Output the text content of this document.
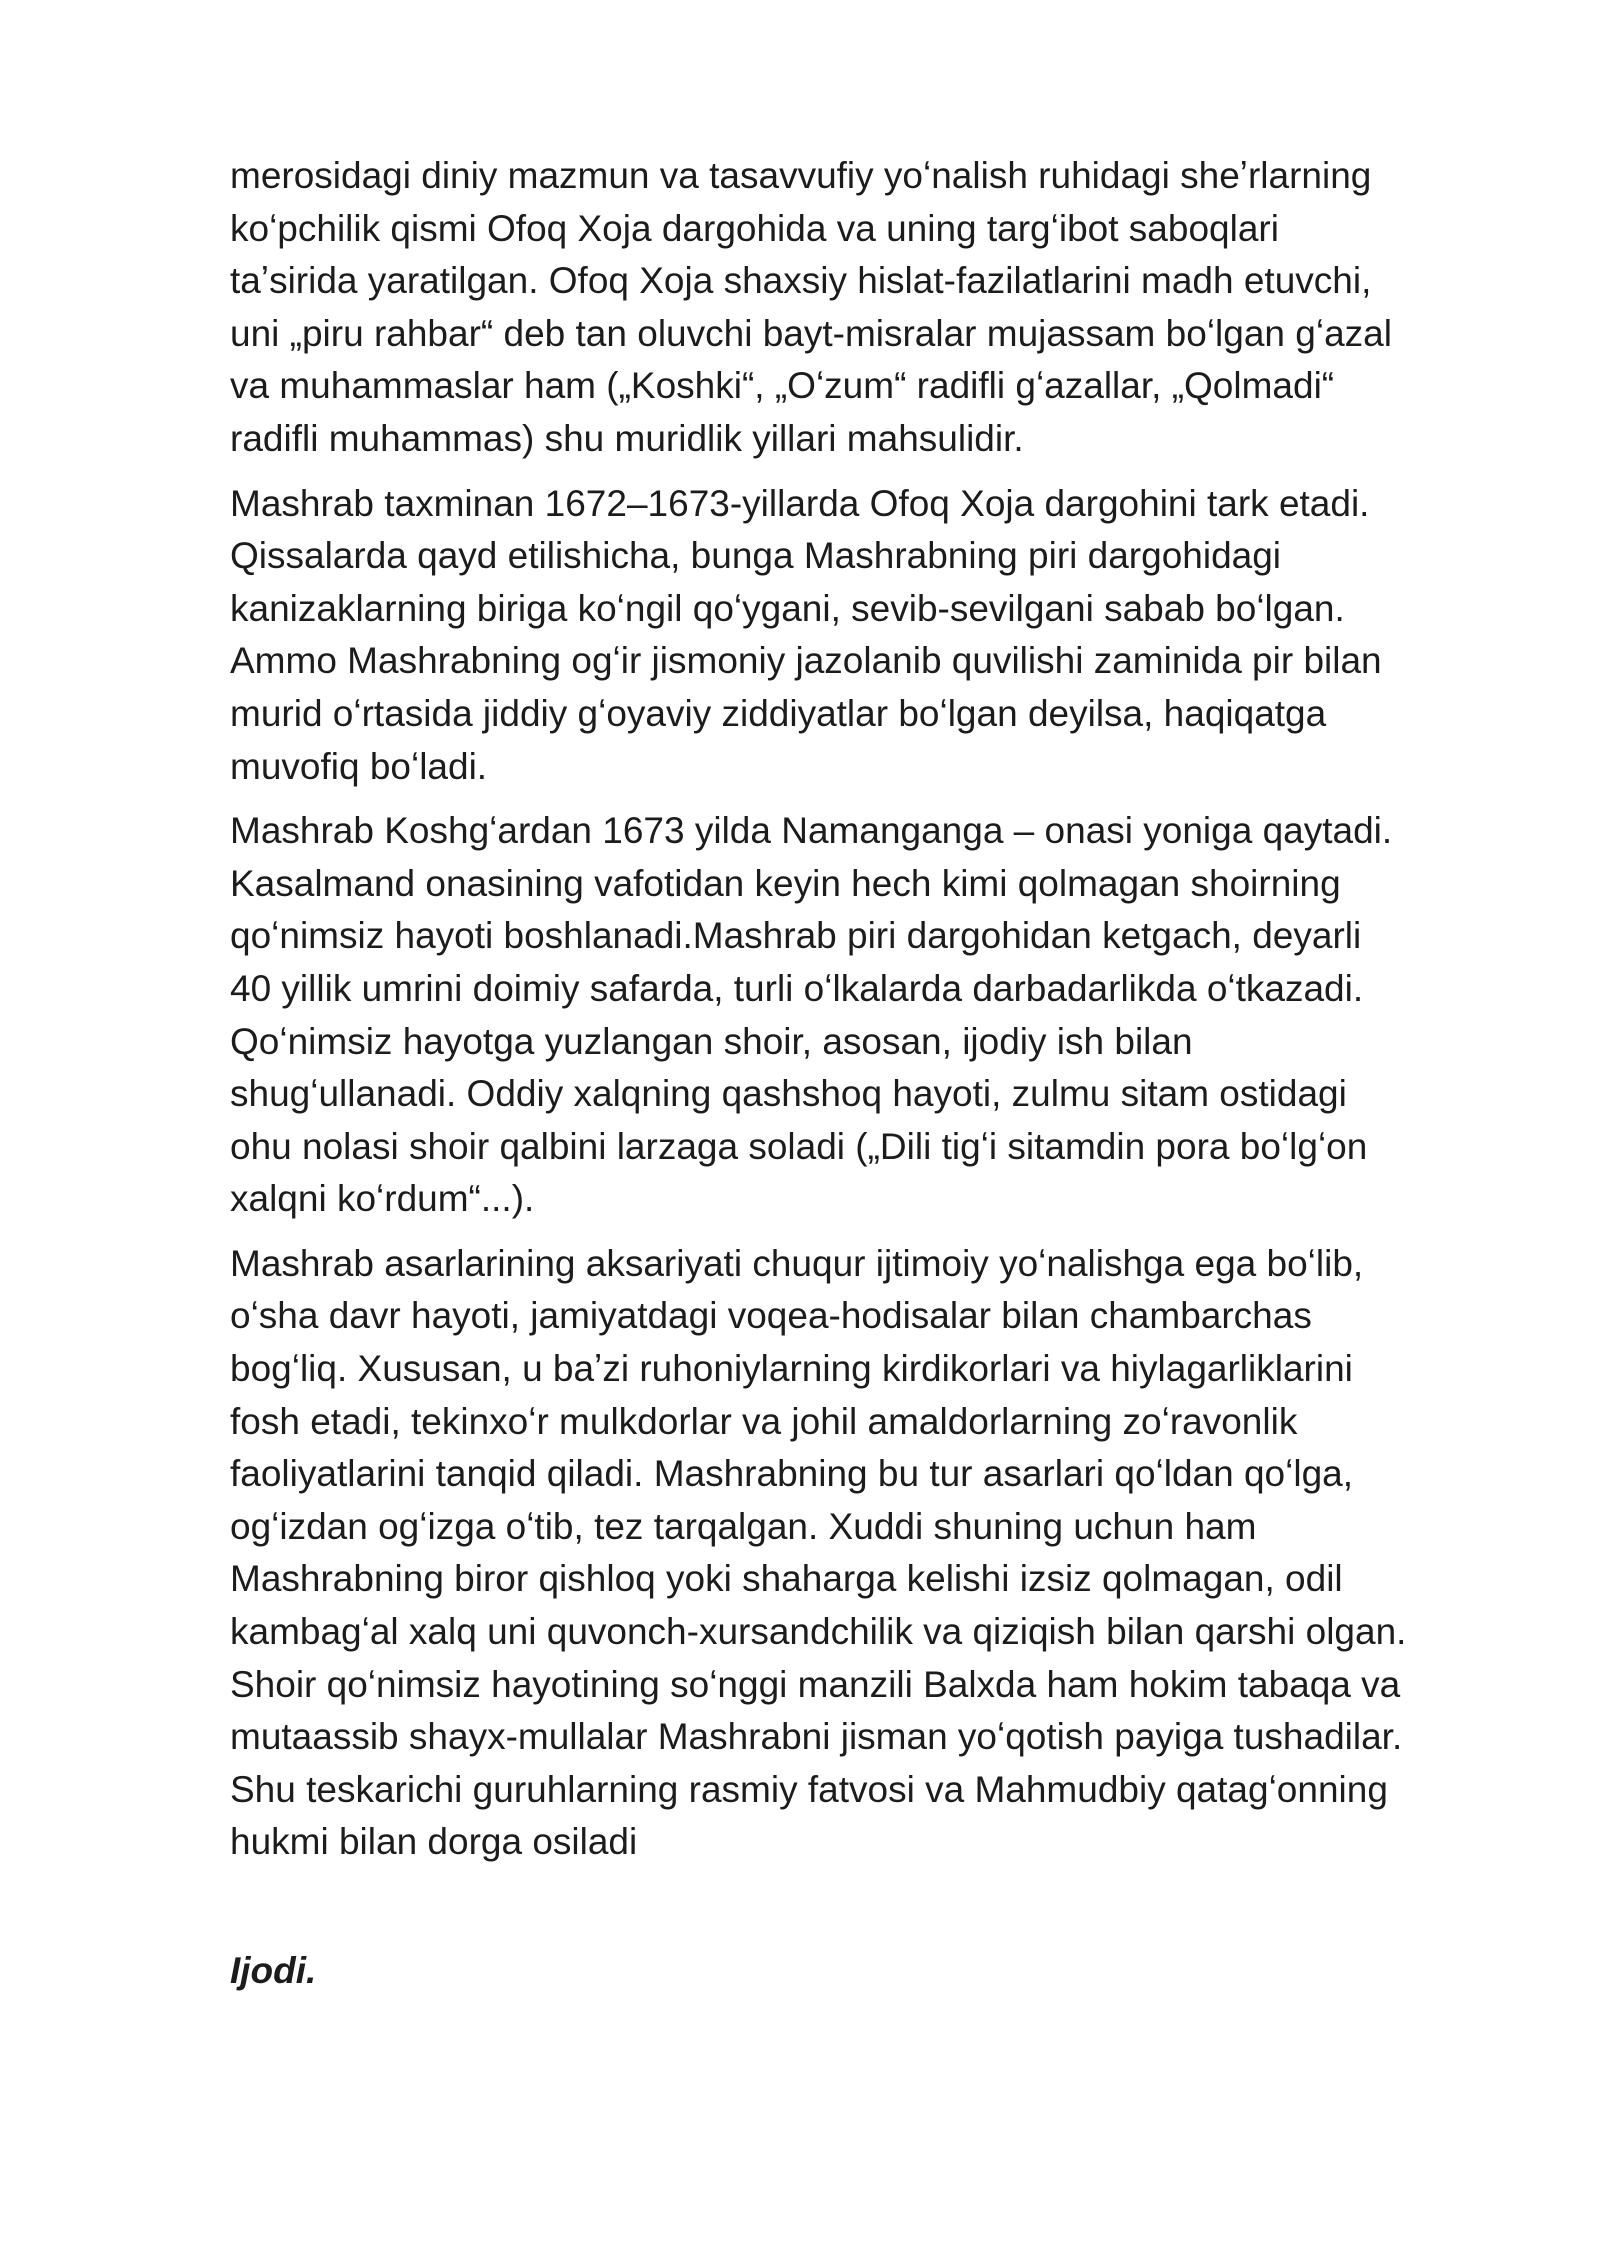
merosidagi diniy mazmun va tasavvufiy yoʻnalish ruhidagi sheʼrlarning
koʻpchilik qismi Ofoq Xoja dargohida va uning targʻibot saboqlari
taʼsirida yaratilgan. Ofoq Xoja shaxsiy hislat-fazilatlarini madh etuvchi,
uni „piru rahbar“ deb tan oluvchi bayt-misralar mujassam boʻlgan gʻazal
va muhammaslar ham („Koshki“, „Oʻzum“ radifli gʻazallar, „Qolmadi“
radifli muhammas) shu muridlik yillari mahsulidir.

Mashrab taxminan 1672–1673-yillarda Ofoq Xoja dargohini tark etadi.
Qissalarda qayd etilishicha, bunga Mashrabning piri dargohidagi
kanizaklarning biriga koʻngil qoʻygani, sevib-sevilgani sabab boʻlgan.
Ammo Mashrabning ogʻir jismoniy jazolanib quvilishi zaminida pir bilan
murid oʻrtasida jiddiy gʻoyaviy ziddiyatlar boʻlgan deyilsa, haqiqatga
muvofiq boʻladi.

Mashrab Koshgʻardan 1673 yilda Namanganga – onasi yoniga qaytadi.
Kasalmand onasining vafotidan keyin hech kimi qolmagan shoirning
qoʻnimsiz hayoti boshlanadi.Mashrab piri dargohidan ketgach, deyarli
40 yillik umrini doimiy safarda, turli oʻlkalarda darbadarlikda oʻtkazadi.
Qoʻnimsiz hayotga yuzlangan shoir, asosan, ijodiy ish bilan
shugʻullanadi. Oddiy xalqning qashshoq hayoti, zulmu sitam ostidagi
ohu nolasi shoir qalbini larzaga soladi („Dili tigʻi sitamdin pora boʻlgʻon
xalqni koʻrdum“...).

Mashrab asarlarining aksariyati chuqur ijtimoiy yoʻnalishga ega boʻlib,
oʻsha davr hayoti, jamiyatdagi voqea-hodisalar bilan chambarchas
bogʻliq. Xususan, u baʼzi ruhoniylarning kirdikorlari va hiylagarliklarini
fosh etadi, tekinxoʻr mulkdorlar va johil amaldorlarning zoʻravonlik
faoliyatlarini tanqid qiladi. Mashrabning bu tur asarlari qoʻldan qoʻlga,
ogʻizdan ogʻizga oʻtib, tez tarqalgan. Xuddi shuning uchun ham
Mashrabning biror qishloq yoki shaharga kelishi izsiz qolmagan, odil
kambagʻal xalq uni quvonch-xursandchilik va qiziqish bilan qarshi olgan.
Shoir qoʻnimsiz hayotining soʻnggi manzili Balxda ham hokim tabaqa va
mutaassib shayx-mullalar Mashrabni jisman yoʻqotish payiga tushadilar.
Shu teskarichi guruhlarning rasmiy fatvosi va Mahmudbiy qatagʻonning
hukmi bilan dorga osiladi

Ijodi.
